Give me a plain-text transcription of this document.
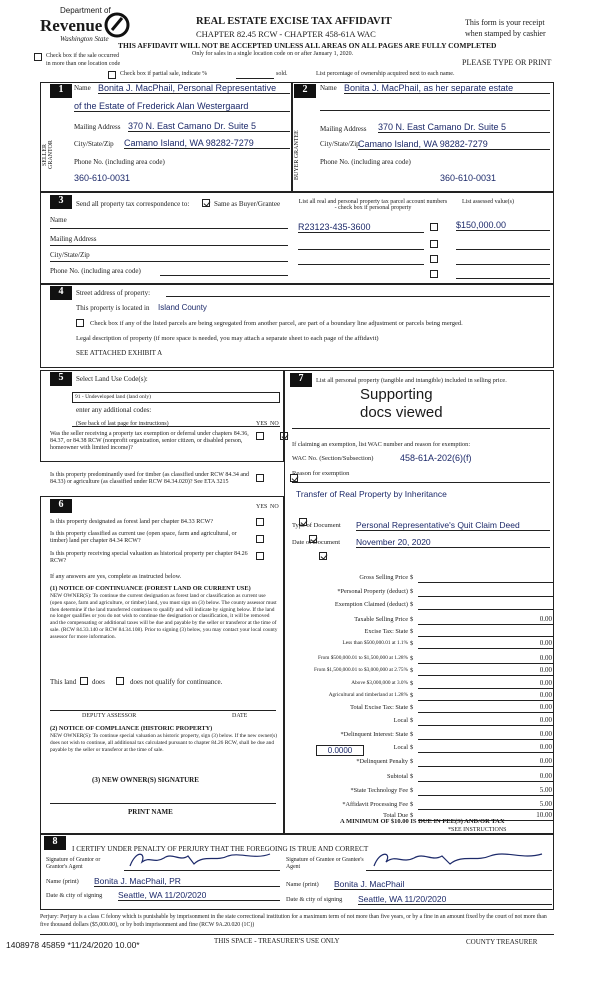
Department of
Revenue
Washington State
REAL ESTATE EXCISE TAX AFFIDAVIT
CHAPTER 82.45 RCW - CHAPTER 458-61A WAC
This form is your receipt
when stamped by cashier
THIS AFFIDAVIT WILL NOT BE ACCEPTED UNLESS ALL AREAS ON ALL PAGES ARE FULLY COMPLETED
Only for sales in a single location code on or after January 1, 2020.
Check box if the sale occurred
in more than one location code	PLEASE TYPE OR PRINT
Check box if partial sale, indicate %	sold.	List percentage of ownership acquired next to each name.
1
SELLER GRANTOR
Name Bonita J. MacPhail, Personal Representative
of the Estate of Frederick Alan Westergaard
Mailing Address 370 N. East Camano Dr. Suite 5
City/State/Zip Camano Island, WA 98282-7279
Phone No. (including area code)
360-610-0031
2
BUYER GRANTEE
Name Bonita J. MacPhail, as her separate estate
Mailing Address 370 N. East Camano Dr. Suite 5
City/State/Zip
Camano Island, WA 98282-7279
Phone No. (including area code)
360-610-0031
3	Send all property tax correspondence to:
	Same as Buyer/Grantee
Name
Mailing Address
City/State/Zip
Phone No. (including area code)
List all real and personal property tax parcel account numbers - check box if personal property
List assessed value(s)
R23123-435-3600	$150,000.00
4	Street address of property:
This property is located in Island County
Check box if any of the listed parcels are being segregated from another parcel, are part of a boundary line adjustment or parcels being merged.
Legal description of property (if more space is needed, you may attach a separate sheet to each page of the affidavit)
SEE ATTACHED EXHIBIT A
5	Select Land Use Code(s):
91 - Undeveloped land (land only)
enter any additional codes:
(See back of last page for instructions)	YES NO
Was the seller receiving a property tax exemption or deferral under chapters 84.36, 84.37, or 84.38 RCW (nonprofit organization, senior citizen, or disabled person, homeowner with limited income)?

Is this property predominantly used for timber (as classified under RCW 84.34 and 84.33) or agriculture (as classified under RCW 84.34.020)? See ETA 3215

6	YES NO
Is this property designated as forest land per chapter 84.33 RCW?

Is this property classified as current use (open space, farm and agricultural, or timber) land per chapter 84.34 RCW?

Is this property receiving special valuation as historical property per chapter 84.26 RCW?
If any answers are yes, complete as instructed below.
(1) NOTICE OF CONTINUANCE (FOREST LAND OR CURRENT USE)
NEW OWNER(S): To continue the current designation as forest land or classification as current use (open space, farm and agriculture, or timber) land, you must sign on (3) below. The county assessor must then determine if the land transferred continues to qualify and will indicate by signing below. If the land no longer qualifies or you do not wish to continue the designation or classification, it will be removed and the compensating or additional taxes will be due and payable by the seller or transferor at the time of sale. (RCW 84.33.140 or RCW 84.34.108). Prior to signing (3) below, you may contact your local county assessor for more information.
This land does	does not qualify for continuance.
DEPUTY ASSESSOR	DATE
(2) NOTICE OF COMPLIANCE (HISTORIC PROPERTY)
NEW OWNER(S): To continue special valuation as historic property, sign (3) below. If the new owner(s) does not wish to continue, all additional tax calculated pursuant to chapter 84.26 RCW, shall be due and payable by the seller or transferor at the time of sale.
(3) NEW OWNER(S) SIGNATURE
PRINT NAME
7	List all personal property (tangible and intangible) included in selling price.
Supporting
docs viewed
If claiming an exemption, list WAC number and reason for exemption:
WAC No. (Section/Subsection)	458-61A-202(6)(f)
Reason for exemption
Transfer of Real Property by Inheritance
Type of Document Personal Representative's Quit Claim Deed
Date of Document November 20, 2020
Gross Selling Price $
*Personal Property (deduct) $
Exemption Claimed (deduct) $
Taxable Selling Price $	0.00
Excise Tax: State $
Less than $500,000.01 at 1.1% $	0.00
From $500,000.01 to $1,500,000 at 1.28% $	0.00
From $1,500,000.01 to $3,000,000 at 2.75% $	0.00
Above $3,000,000 at 3.0% $	0.00
Agricultural and timberland at 1.28% $	0.00
Total Excise Tax: State $	0.00
Local $	0.00
*Delinquent Interest: State $	0.00
Local $	0.00
*Delinquent Penalty $	0.00
Subtotal $	0.00
*State Technology Fee $	5.00
*Affidavit Processing Fee $	5.00
Total Due $	10.00
0.0000
A MINIMUM OF $10.00 IS DUE IN FEE(S) AND/OR TAX
*SEE INSTRUCTIONS
8
I CERTIFY UNDER PENALTY OF PERJURY THAT THE FOREGOING IS TRUE AND CORRECT
Signature of Grantor or Grantor's Agent
Name (print) Bonita J. MacPhail, PR
Date & city of signing Seattle, WA 11/20/2020
Signature of Grantee or Grantee's Agent
Name (print) Bonita J. MacPhail
Date & city of signing Seattle, WA 11/20/2020
Perjury: Perjury is a class C felony which is punishable by imprisonment in the state correctional institution for a maximum term of not more than five years, or by a fine in an amount fixed by the court of not more than five thousand dollars ($5,000.00), or by both imprisonment and fine (RCW 9A.20.020 (1C))
1408978 45859 *11/24/2020 10.00*	THIS SPACE - TREASURER'S USE ONLY	COUNTY TREASURER
